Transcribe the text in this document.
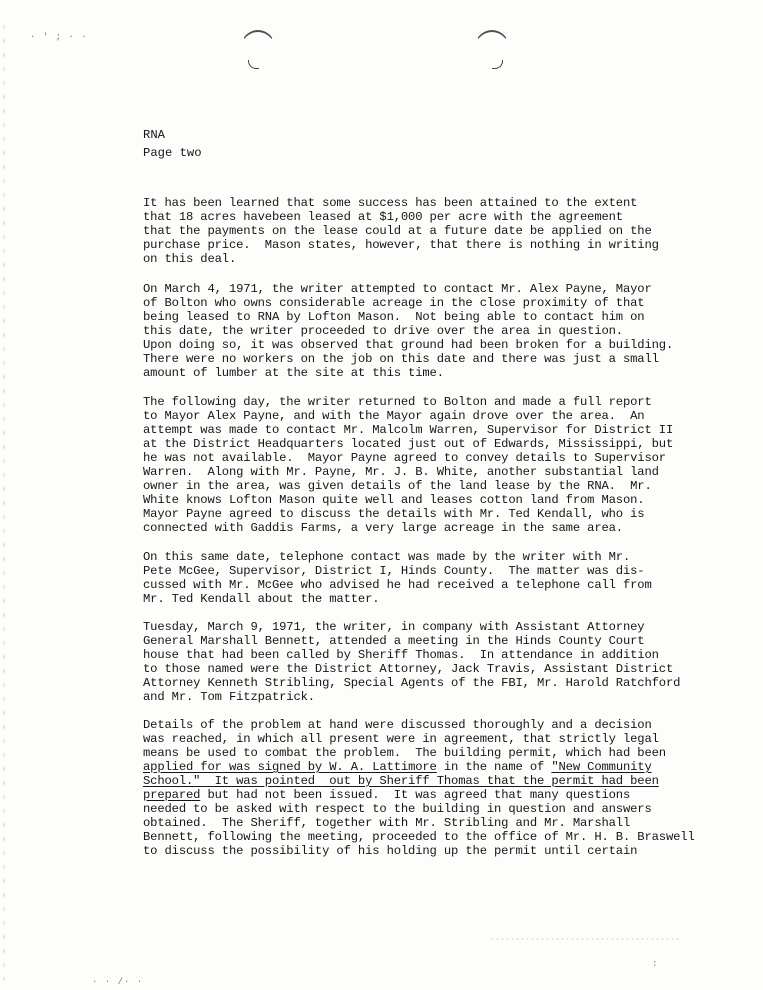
· ' ; · ·
· · /· ·
:
RNA
Page two
It has been learned that some success has been attained to the extent
that 18 acres havebeen leased at $1,000 per acre with the agreement
that the payments on the lease could at a future date be applied on the
purchase price.  Mason states, however, that there is nothing in writing
on this deal.
On March 4, 1971, the writer attempted to contact Mr. Alex Payne, Mayor
of Bolton who owns considerable acreage in the close proximity of that
being leased to RNA by Lofton Mason.  Not being able to contact him on
this date, the writer proceeded to drive over the area in question.
Upon doing so, it was observed that ground had been broken for a building.
There were no workers on the job on this date and there was just a small
amount of lumber at the site at this time.
The following day, the writer returned to Bolton and made a full report
to Mayor Alex Payne, and with the Mayor again drove over the area.  An
attempt was made to contact Mr. Malcolm Warren, Supervisor for District II
at the District Headquarters located just out of Edwards, Mississippi, but
he was not available.  Mayor Payne agreed to convey details to Supervisor
Warren.  Along with Mr. Payne, Mr. J. B. White, another substantial land
owner in the area, was given details of the land lease by the RNA.  Mr.
White knows Lofton Mason quite well and leases cotton land from Mason.
Mayor Payne agreed to discuss the details with Mr. Ted Kendall, who is
connected with Gaddis Farms, a very large acreage in the same area.
On this same date, telephone contact was made by the writer with Mr.
Pete McGee, Supervisor, District I, Hinds County.  The matter was dis-
cussed with Mr. McGee who advised he had received a telephone call from
Mr. Ted Kendall about the matter.
Tuesday, March 9, 1971, the writer, in company with Assistant Attorney
General Marshall Bennett, attended a meeting in the Hinds County Court
house that had been called by Sheriff Thomas.  In attendance in addition
to those named were the District Attorney, Jack Travis, Assistant District
Attorney Kenneth Stribling, Special Agents of the FBI, Mr. Harold Ratchford
and Mr. Tom Fitzpatrick.
Details of the problem at hand were discussed thoroughly and a decision
was reached, in which all present were in agreement, that strictly legal
means be used to combat the problem.  The building permit, which had been
applied for was signed by W. A. Lattimore in the name of "New Community
School."  It was pointed  out by Sheriff Thomas that the permit had been
prepared but had not been issued.  It was agreed that many questions
needed to be asked with respect to the building in question and answers
obtained.  The Sheriff, together with Mr. Stribling and Mr. Marshall
Bennett, following the meeting, proceeded to the office of Mr. H. B. Braswell
to discuss the possibility of his holding up the permit until certain
